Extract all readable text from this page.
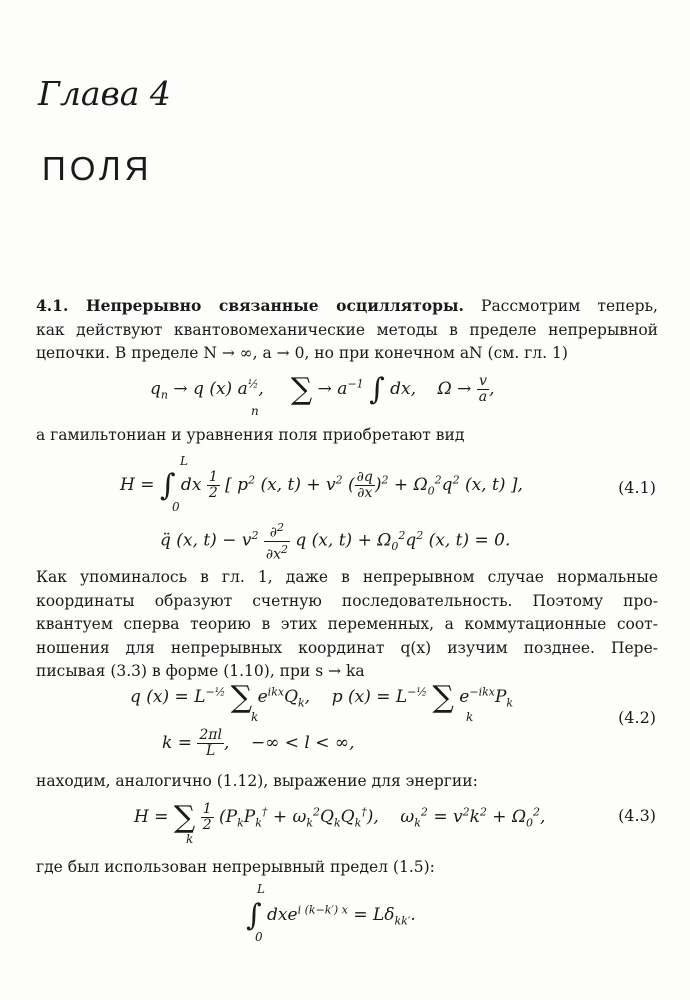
Глава 4
ПОЛЯ
4.1. Непрерывно связанные осцилляторы. Рассмотрим теперь,
как действуют квантовомеханические методы в пределе непрерывной
цепочки. В пределе N → ∞, a → 0, но при конечном aN (см. гл. 1)
$q_n \to q$ (x) $a^{\frac{1}{2}}$,     ∑ → $a^{-1}$ ∫ dx,    $\Omega \to \frac{v}{a}$ ,
n
а гамильтониан и уравнения поля приобретают вид
L
H = ∫ dx $\frac{1}{2}$ [ $p^2$ (x, $t) + v^2$ ( $\frac{\partial q}{\partial x} )^2 + \Omega_0^2q^2$ (x, t) ],
0
(4.1)
q̈ (x, $t) - v^2 \frac{\partial^2}{\partial x^2}$ q (x, $t) + \Omega_0^2q^2$ (x, t) = 0.
Как упоминалось в гл. 1, даже в непрерывном случае нормальные
координаты образуют счетную последовательность. Поэтому про-
квантуем сперва теорию в этих переменных, а коммутационные соот-
ношения для непрерывных координат q(x) изучим позднее. Пере-
писывая (3.3) в форме (1.10), при s → ka
q $(x) = L^{-\frac{1}{2}}$ ∑ $e^{ikx}Q_k$,    p $(x) = L^{-\frac{1}{2}}$ ∑ $e^{-ikx}P_k$
k	k	(4.2)
$k = \frac{2\pi l}{L}$ ,    −∞ < l < ∞,
находим, аналогично (1.12), выражение для энергии:
H = ∑ $\frac{1}{2} (P_kP_k^\dagger + \omega_k^2Q_kQ_k^\dagger)$,    $\omega_k^2 = v^2k^2 + \Omega_0^2$,
k
(4.3)
где был использован непрерывный предел (1.5):
L
∫ $dxe^{i (k-k') x} = L\delta_{kk'}$.
0
